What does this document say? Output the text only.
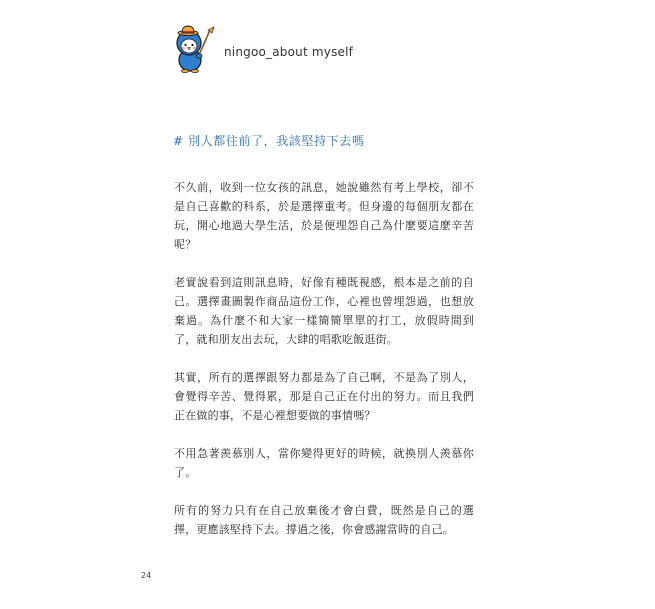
ningoo_about myself
# 別人都往前了，我該堅持下去嗎

不久前，收到一位女孩的訊息，她說雖然有考上學校，卻不是自己喜歡的科系，於是選擇重考。但身邊的每個朋友都在玩，開心地過大學生活，於是便埋怨自己為什麼要這麼辛苦呢？

老實說看到這則訊息時，好像有種既視感，根本是之前的自己。選擇畫圖製作商品這份工作，心裡也曾埋怨過，也想放棄過。為什麼不和大家一樣簡簡單單的打工，放假時間到了，就和朋友出去玩，大肆的唱歌吃飯逛街。

其實，所有的選擇跟努力都是為了自己啊，不是為了別人，會覺得辛苦、覺得累，那是自己正在付出的努力。而且我們正在做的事，不是心裡想要做的事情嗎？

不用急著羨慕別人，當你變得更好的時候，就換別人羨慕你了。

所有的努力只有在自己放棄後才會白費，既然是自己的選擇，更應該堅持下去。撐過之後，你會感謝當時的自己。

24
